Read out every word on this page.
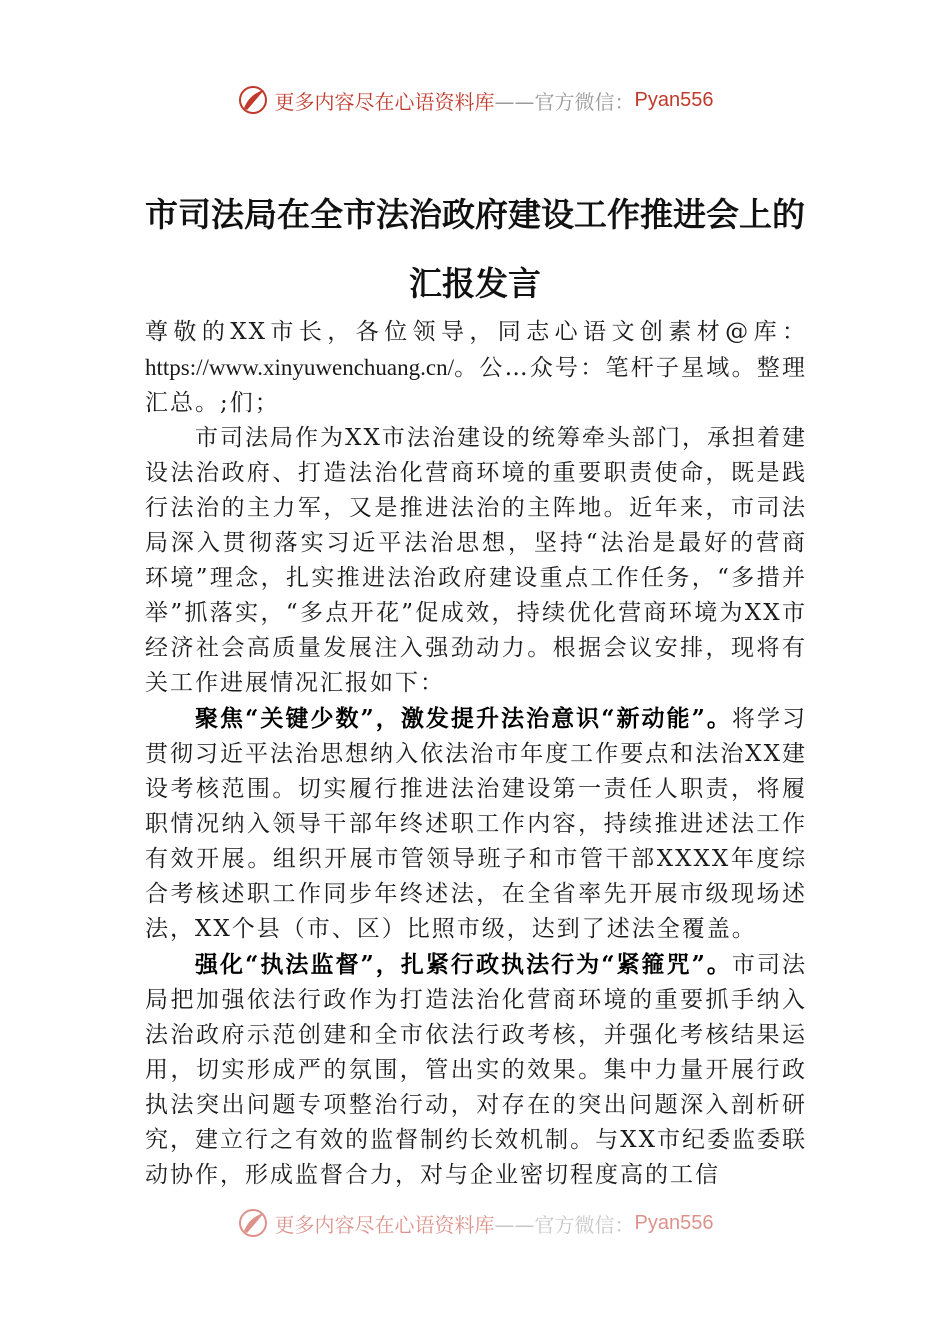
更多内容尽在心语资料库 ——官方微信： Pyan556
市司法局在全市法治政府建设工作推进会上的汇报发言

尊敬的XX市长，各位领导，同志心语文创素材@库：https://www.xinyuwenchuang.cn/。公…众号：笔杆子星域。整理汇总。;们；

市司法局作为XX市法治建设的统筹牵头部门，承担着建设法治政府、打造法治化营商环境的重要职责使命，既是践行法治的主力军，又是推进法治的主阵地。近年来，市司法局深入贯彻落实习近平法治思想，坚持“法治是最好的营商环境”理念，扎实推进法治政府建设重点工作任务，“多措并举”抓落实，“多点开花”促成效，持续优化营商环境为XX市经济社会高质量发展注入强劲动力。根据会议安排，现将有关工作进展情况汇报如下：

聚焦“关键少数”，激发提升法治意识“新动能”。将学习贯彻习近平法治思想纳入依法治市年度工作要点和法治XX建设考核范围。切实履行推进法治建设第一责任人职责，将履职情况纳入领导干部年终述职工作内容，持续推进述法工作有效开展。组织开展市管领导班子和市管干部XXXX年度综合考核述职工作同步年终述法，在全省率先开展市级现场述法，XX个县（市、区）比照市级，达到了述法全覆盖。

强化“执法监督”，扎紧行政执法行为“紧箍咒”。市司法局把加强依法行政作为打造法治化营商环境的重要抓手纳入法治政府示范创建和全市依法行政考核，并强化考核结果运用，切实形成严的氛围，管出实的效果。集中力量开展行政执法突出问题专项整治行动，对存在的突出问题深入剖析研究，建立行之有效的监督制约长效机制。与XX市纪委监委联动协作，形成监督合力，对与企业密切程度高的工信

更多内容尽在心语资料库 ——官方微信： Pyan556
